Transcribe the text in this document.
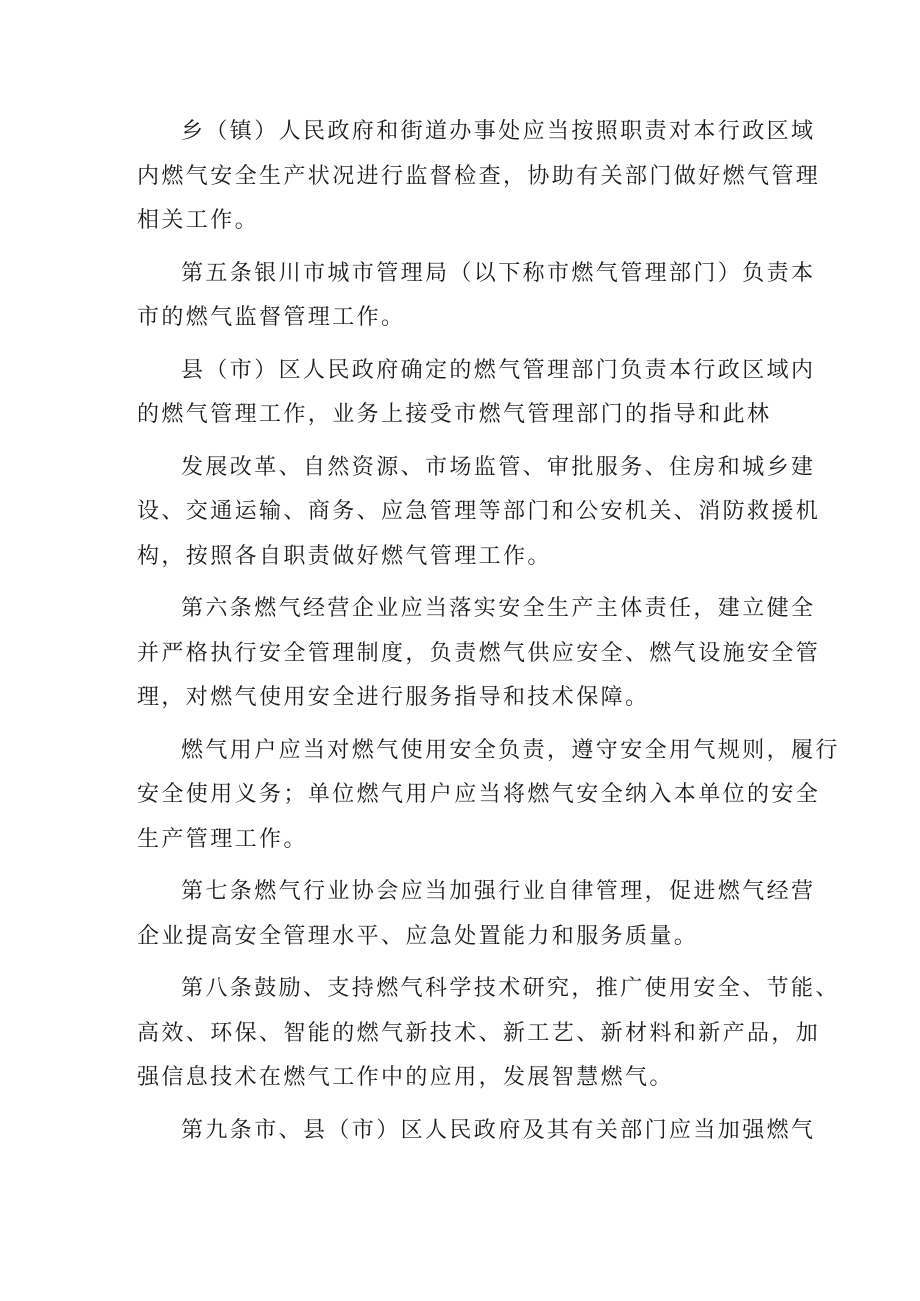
乡（镇）人民政府和街道办事处应当按照职责对本行政区域
内燃气安全生产状况进行监督检查，协助有关部门做好燃气管理
相关工作。
第五条银川市城市管理局（以下称市燃气管理部门）负责本
市的燃气监督管理工作。
县（市）区人民政府确定的燃气管理部门负责本行政区域内
的燃气管理工作，业务上接受市燃气管理部门的指导和此林
发展改革、自然资源、市场监管、审批服务、住房和城乡建
设、交通运输、商务、应急管理等部门和公安机关、消防救援机
构，按照各自职责做好燃气管理工作。
第六条燃气经营企业应当落实安全生产主体责任，建立健全
并严格执行安全管理制度，负责燃气供应安全、燃气设施安全管
理，对燃气使用安全进行服务指导和技术保障。
燃气用户应当对燃气使用安全负责，遵守安全用气规则，履行
安全使用义务；单位燃气用户应当将燃气安全纳入本单位的安全
生产管理工作。
第七条燃气行业协会应当加强行业自律管理，促进燃气经营
企业提高安全管理水平、应急处置能力和服务质量。
第八条鼓励、支持燃气科学技术研究，推广使用安全、节能、
高效、环保、智能的燃气新技术、新工艺、新材料和新产品，加
强信息技术在燃气工作中的应用，发展智慧燃气。
第九条市、县（市）区人民政府及其有关部门应当加强燃气
